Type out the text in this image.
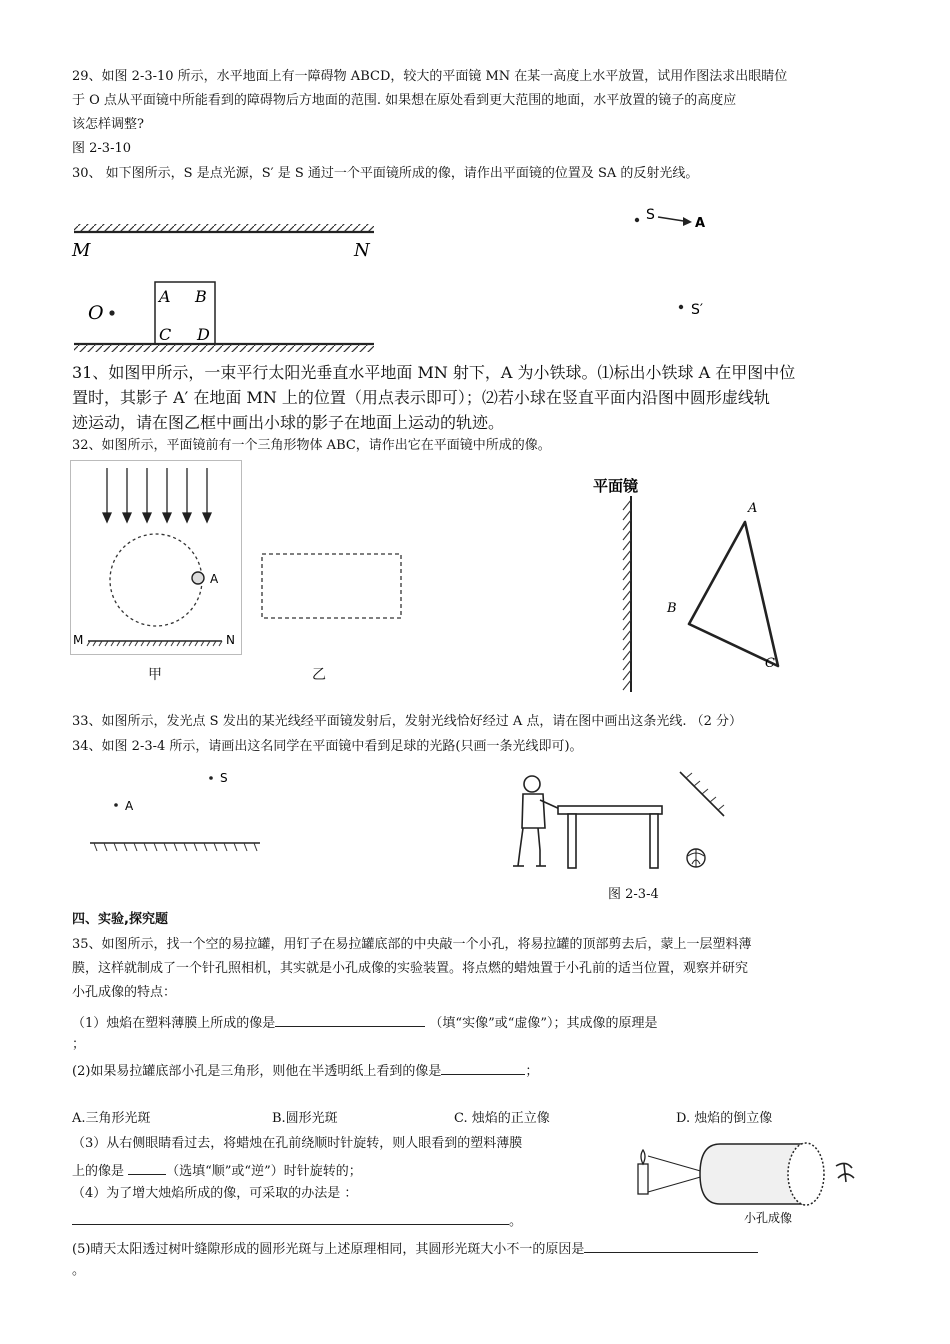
29、如图 2-3-10 所示，水平地面上有一障碍物 ABCD，较大的平面镜 MN 在某一高度上水平放置，试用作图法求出眼睛位
于 O 点从平面镜中所能看到的障碍物后方地面的范围. 如果想在原处看到更大范围的地面，水平放置的镜子的高度应
该怎样调整?
图 2-3-10
30、 如下图所示，S 是点光源，S′ 是 S 通过一个平面镜所成的像，请作出平面镜的位置及 SA 的反射光线。
M	N
O
A B
C D
S
A
S′
31、如图甲所示，一束平行太阳光垂直水平地面 MN 射下，A 为小铁球。⑴标出小铁球 A 在甲图中位
置时，其影子 A′ 在地面 MN 上的位置（用点表示即可）；⑵若小球在竖直平面内沿图中圆形虚线轨
迹运动，请在图乙框中画出小球的影子在地面上运动的轨迹。
32、如图所示，平面镜前有一个三角形物体 ABC，请作出它在平面镜中所成的像。
A
M	N
甲	乙
平面镜
A
B
C
33、如图所示，发光点 S 发出的某光线经平面镜发射后，发射光线恰好经过 A 点，请在图中画出这条光线. （2 分）
34、如图 2-3-4 所示，请画出这名同学在平面镜中看到足球的光路(只画一条光线即可)。
S
A
图 2-3-4
四、实验,探究题
35、如图所示，找一个空的易拉罐，用钉子在易拉罐底部的中央敲一个小孔，将易拉罐的顶部剪去后，蒙上一层塑料薄
膜，这样就制成了一个针孔照相机，其实就是小孔成像的实验装置。将点燃的蜡烛置于小孔前的适当位置，观察并研究
小孔成像的特点：
（1）烛焰在塑料薄膜上所成的像是	（填“实像”或“虚像”）；其成像的原理是
；
(2)如果易拉罐底部小孔是三角形，则他在半透明纸上看到的像是	；
A.三角形光斑	B.圆形光斑	C. 烛焰的正立像	D. 烛焰的倒立像
（3）从右侧眼睛看过去，将蜡烛在孔前绕顺时针旋转，则人眼看到的塑料薄膜
上的像是	（选填“顺”或“逆”）时针旋转的；
（4）为了增大烛焰所成的像，可采取的办法是 ：
。
(5)晴天太阳透过树叶缝隙形成的圆形光斑与上述原理相同，其圆形光斑大小不一的原因是
。
小孔成像
